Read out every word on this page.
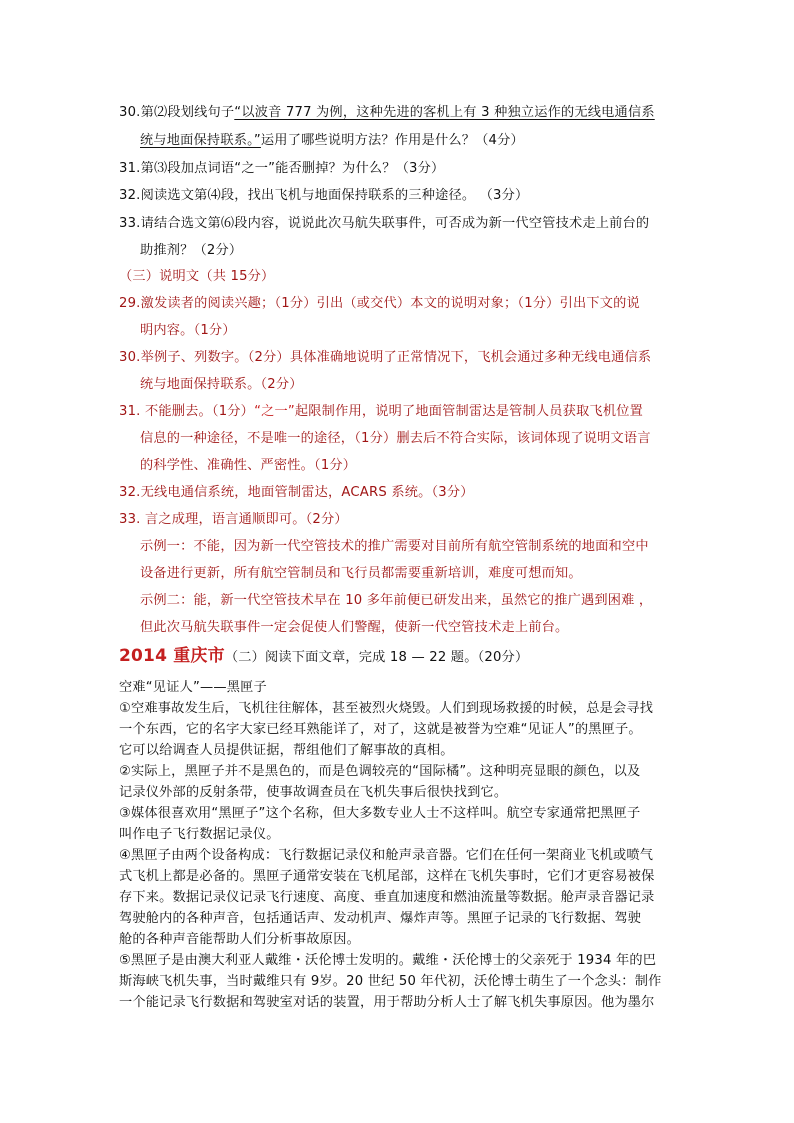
30.第⑵段划线句子“以波音 777 为例，这种先进的客机上有 3 种独立运作的无线电通信系
统与地面保持联系。”运用了哪些说明方法？作用是什么？（4分）
31.第⑶段加点词语“之一”能否删掉？为什么？（3分）
32.阅读选文第⑷段，找出飞机与地面保持联系的三种途径。 （3分）
33.请结合选文第⑹段内容，说说此次马航失联事件，可否成为新一代空管技术走上前台的
助推剂？（2分）
（三）说明文（共 15分）
29.激发读者的阅读兴趣；（1分）引出（或交代）本文的说明对象；（1分）引出下文的说
明内容。（1分）
30.举例子、列数字。（2分）具体准确地说明了正常情况下，飞机会通过多种无线电通信系
统与地面保持联系。（2分）
31. 不能删去。（1分）“之一”起限制作用，说明了地面管制雷达是管制人员获取飞机位置
信息的一种途径，不是唯一的途径，（1分）删去后不符合实际，该词体现了说明文语言
的科学性、准确性、严密性。（1分）
32.无线电通信系统，地面管制雷达，ACARS 系统。（3分）
33. 言之成理，语言通顺即可。（2分）
示例一：不能，因为新一代空管技术的推广需要对目前所有航空管制系统的地面和空中
设备进行更新，所有航空管制员和飞行员都需要重新培训，难度可想而知。
示例二：能，新一代空管技术早在 10 多年前便已研发出来，虽然它的推广遇到困难 ，
但此次马航失联事件一定会促使人们警醒，使新一代空管技术走上前台。
2014 重庆市（二）阅读下面文章，完成 18 — 22 题。（20分）
空难“见证人”——黑匣子
①空难事故发生后，飞机往往解体，甚至被烈火烧毁。人们到现场救援的时候，总是会寻找
一个东西，它的名字大家已经耳熟能详了，对了，这就是被誉为空难“见证人”的黑匣子。
它可以给调查人员提供证据，帮组他们了解事故的真相。
②实际上，黑匣子并不是黑色的，而是色调较亮的“国际橘”。这种明亮显眼的颜色，以及
记录仪外部的反射条带，使事故调查员在飞机失事后很快找到它。
③媒体很喜欢用“黑匣子”这个名称，但大多数专业人士不这样叫。航空专家通常把黑匣子
叫作电子飞行数据记录仪。
④黑匣子由两个设备构成：飞行数据记录仪和舱声录音器。它们在任何一架商业飞机或喷气
式飞机上都是必备的。黑匣子通常安装在飞机尾部，这样在飞机失事时，它们才更容易被保
存下来。数据记录仪记录飞行速度、高度、垂直加速度和燃油流量等数据。舱声录音器记录
驾驶舱内的各种声音，包括通话声、发动机声、爆炸声等。黑匣子记录的飞行数据、驾驶
舱的各种声音能帮助人们分析事故原因。
⑤黑匣子是由澳大利亚人戴维・沃伦博士发明的。戴维・沃伦博士的父亲死于 1934 年的巴
斯海峡飞机失事，当时戴维只有 9岁。20 世纪 50 年代初，沃伦博士萌生了一个念头：制作
一个能记录飞行数据和驾驶室对话的装置，用于帮助分析人士了解飞机失事原因。他为墨尔
